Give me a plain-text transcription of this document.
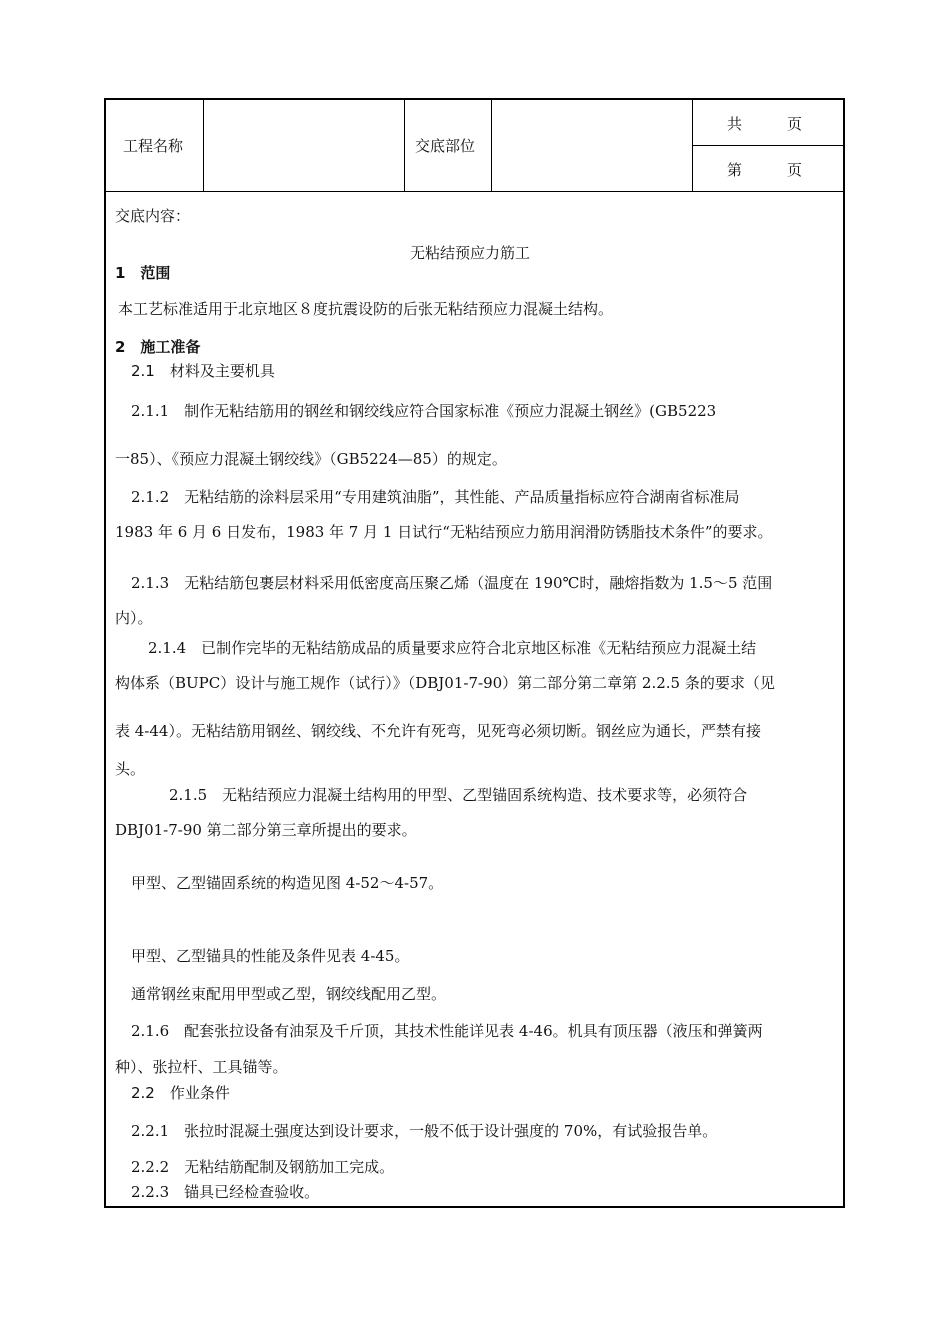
工程名称	交底部位
共　　　页
第　　　页
交底内容：
无粘结预应力筋工
1　范围
本工艺标准适用于北京地区８度抗震设防的后张无粘结预应力混凝土结构。
2　施工准备
2.1　材料及主要机具
2.1.1　制作无粘结筋用的钢丝和钢绞线应符合国家标准《预应力混凝土钢丝》(GB5223
一85）、《预应力混凝土钢绞线》（GB5224—85）的规定。
2.1.2　无粘结筋的涂料层采用“专用建筑油脂”，其性能、产品质量指标应符合湖南省标准局
1983 年 6 月 6 日发布，1983 年 7 月 1 日试行“无粘结预应力筋用润滑防锈脂技术条件”的要求。
2.1.3　无粘结筋包裹层材料采用低密度高压聚乙烯（温度在 190℃时，融熔指数为 1.5～5 范围
内）。
2.1.4　已制作完毕的无粘结筋成品的质量要求应符合北京地区标准《无粘结预应力混凝土结
构体系（BUPC）设计与施工规作（试行）》（DBJ01-7-90）第二部分第二章第 2.2.5 条的要求（见
表 4-44）。无粘结筋用钢丝、钢绞线、不允许有死弯，见死弯必须切断。钢丝应为通长，严禁有接
头。
2.1.5　无粘结预应力混凝土结构用的甲型、乙型锚固系统构造、技术要求等，必须符合
DBJ01-7-90 第二部分第三章所提出的要求。
甲型、乙型锚固系统的构造见图 4-52～4-57。
甲型、乙型锚具的性能及条件见表 4-45。
通常钢丝束配用甲型或乙型，钢绞线配用乙型。
2.1.6　配套张拉设备有油泵及千斤顶，其技术性能详见表 4-46。机具有顶压器（液压和弹簧两
种）、张拉杆、工具锚等。
2.2　作业条件
2.2.1　张拉时混凝土强度达到设计要求，一般不低于设计强度的 70%，有试验报告单。
2.2.2　无粘结筋配制及钢筋加工完成。
2.2.3　锚具已经检查验收。
